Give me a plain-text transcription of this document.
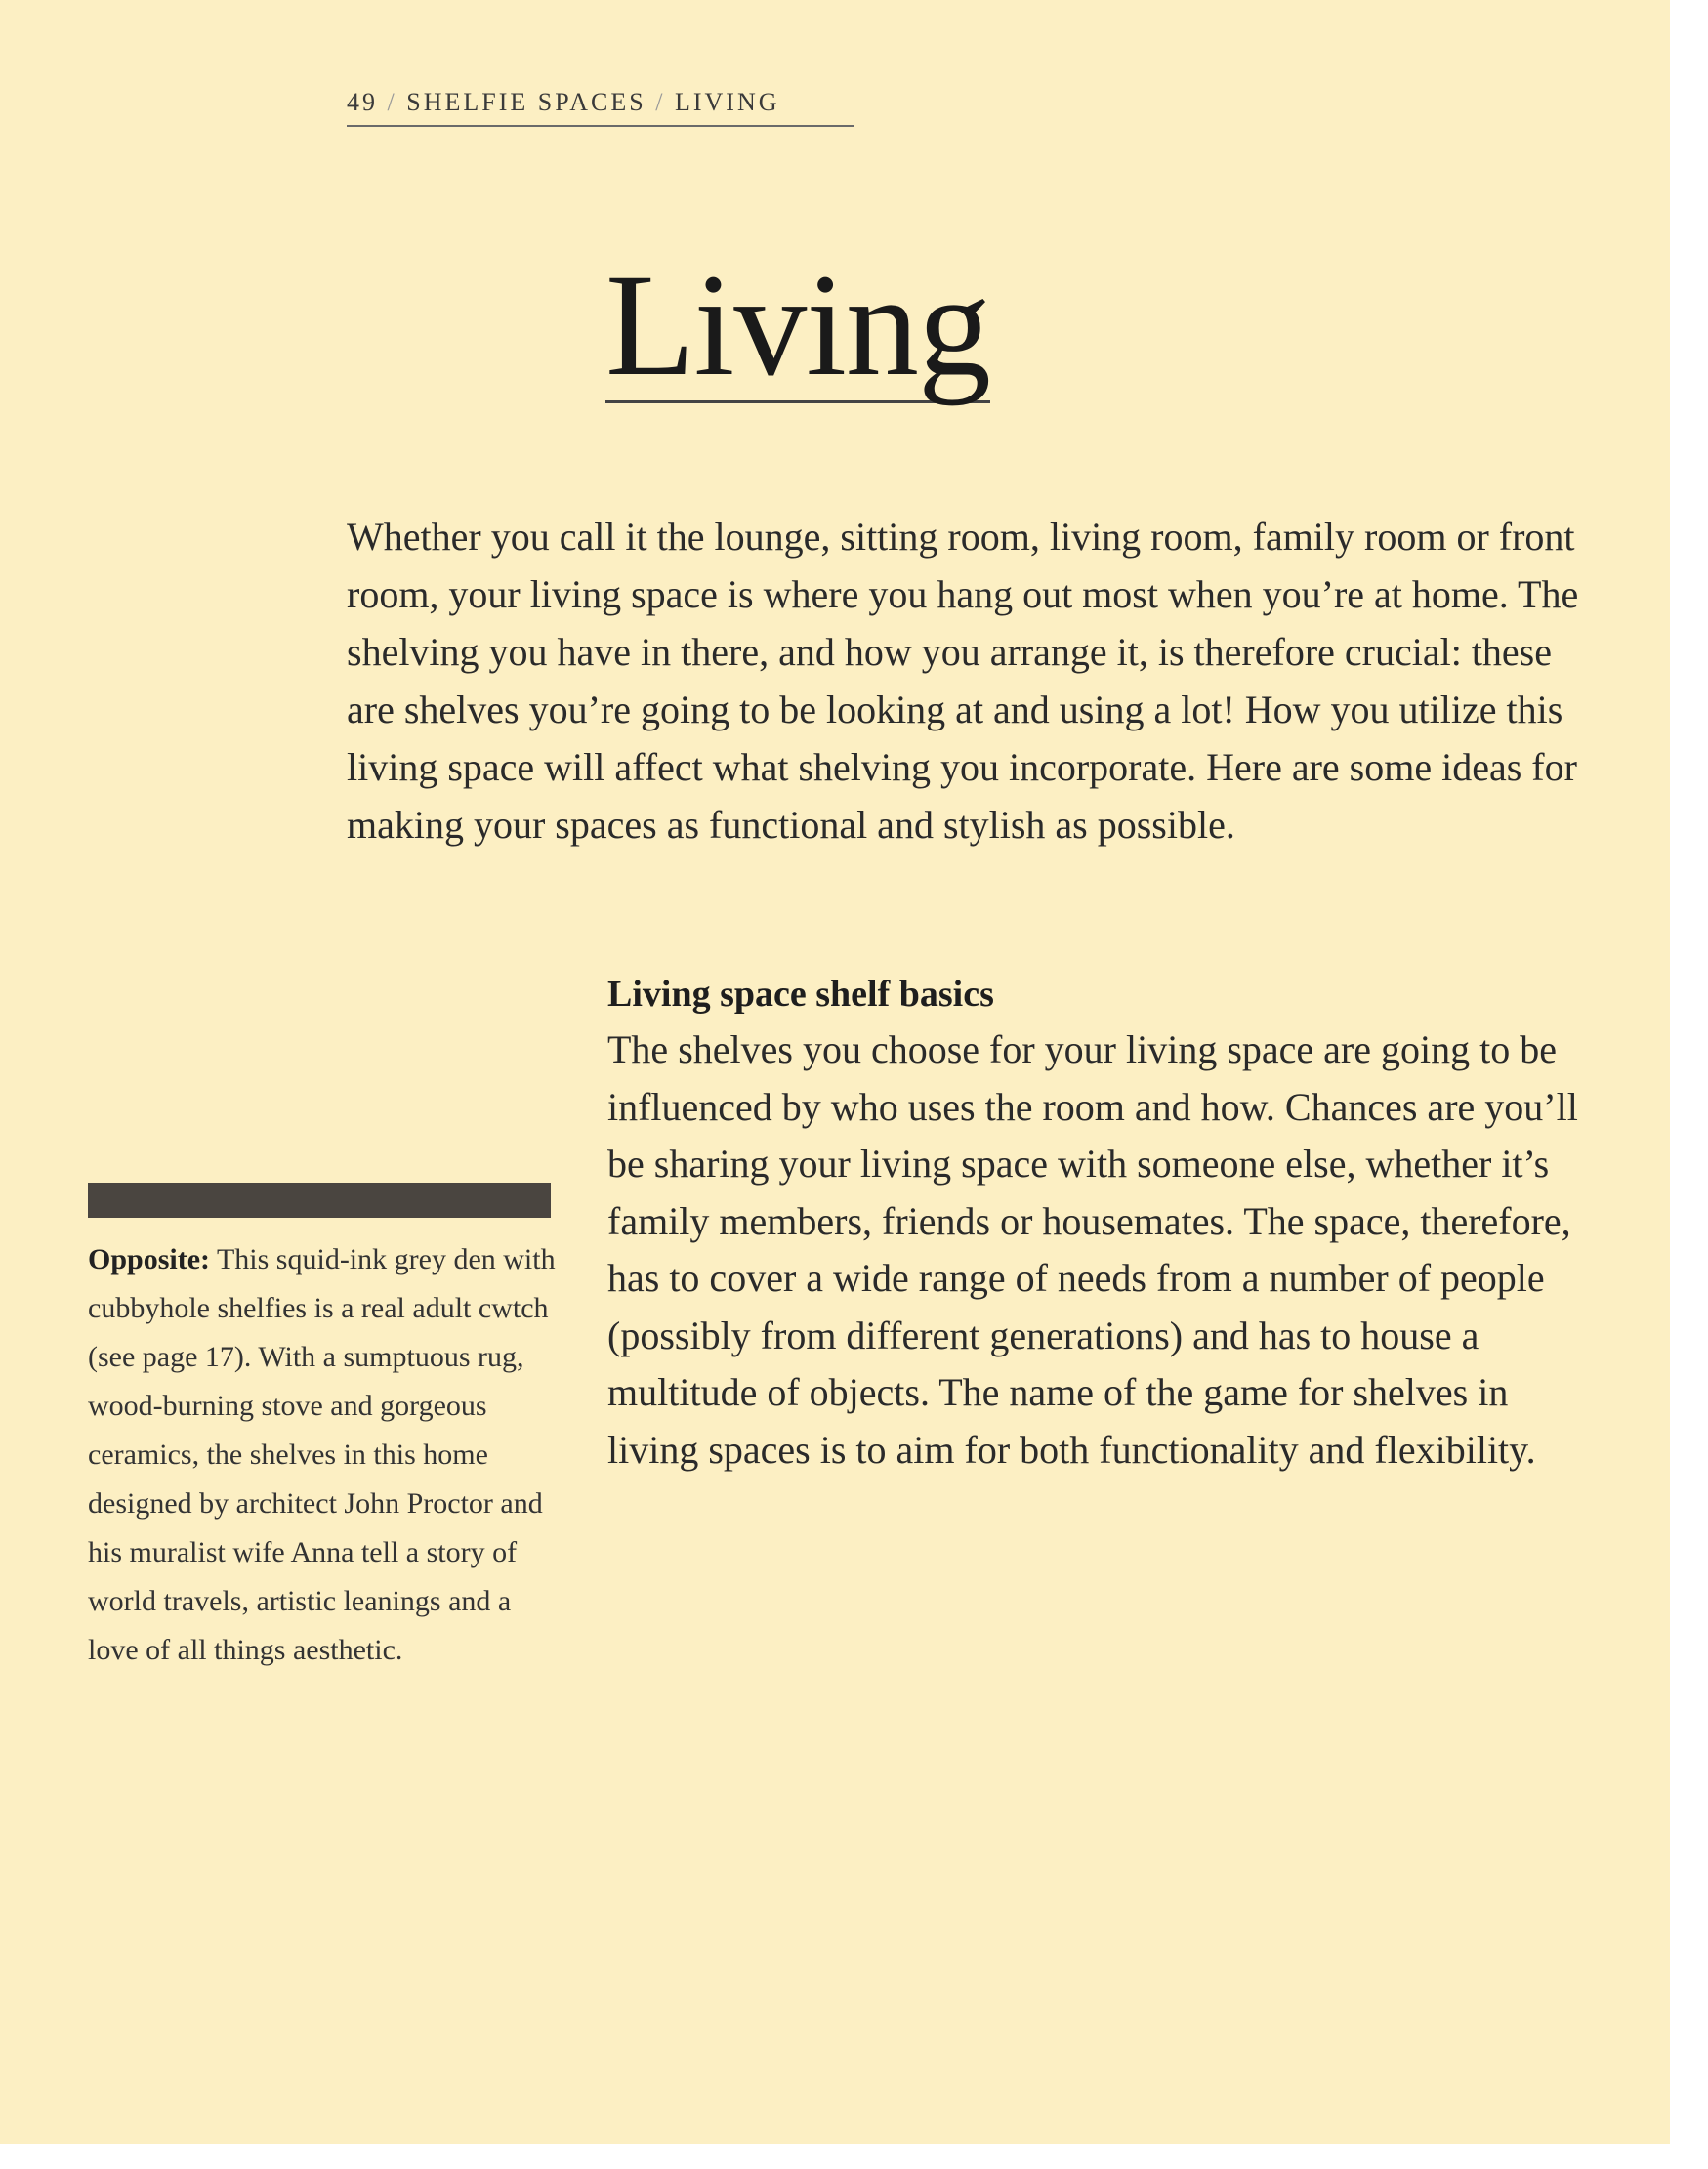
49 / SHELFIE SPACES / LIVING
Living

Whether you call it the lounge, sitting room, living room, family room or front room, your living space is where you hang out most when you’re at home. The shelving you have in there, and how you arrange it, is therefore crucial: these are shelves you’re going to be looking at and using a lot! How you utilize this living space will affect what shelving you incorporate. Here are some ideas for making your spaces as functional and stylish as possible.

Opposite: This squid-ink grey den with cubbyhole shelfies is a real adult cwtch (see page 17). With a sumptuous rug, wood-burning stove and gorgeous ceramics, the shelves in this home designed by architect John Proctor and his muralist wife Anna tell a story of world travels, artistic leanings and a love of all things aesthetic.

Living space shelf basics

The shelves you choose for your living space are going to be influenced by who uses the room and how. Chances are you’ll be sharing your living space with someone else, whether it’s family members, friends or housemates. The space, therefore, has to cover a wide range of needs from a number of people (possibly from different generations) and has to house a multitude of objects. The name of the game for shelves in living spaces is to aim for both functionality and flexibility.
